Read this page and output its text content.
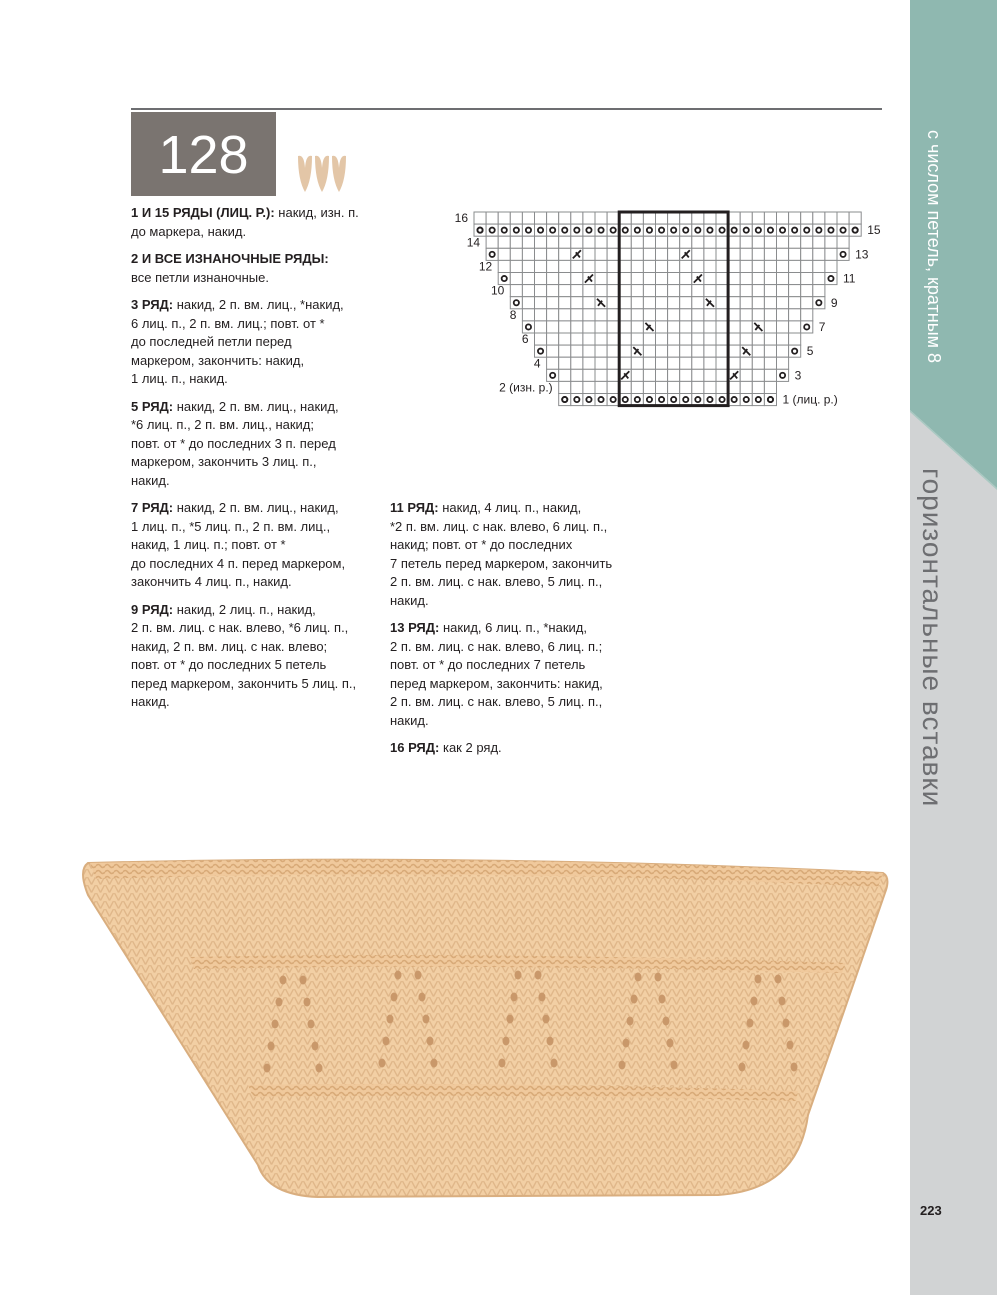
с числом петель, кратным 8
горизонтальные вставки
128

1 И 15 РЯДЫ (ЛИЦ. Р.): накид, изн. п.
до маркера, накид.

2 И ВСЕ ИЗНАНОЧНЫЕ РЯДЫ:
все петли изнаночные.

3 РЯД: накид, 2 п. вм. лиц., *накид,
6 лиц. п., 2 п. вм. лиц.; повт. от *
до последней петли перед
маркером, закончить: накид,
1 лиц. п., накид.

5 РЯД: накид, 2 п. вм. лиц., накид,
*6 лиц. п., 2 п. вм. лиц., накид;
повт. от * до последних 3 п. перед
маркером, закончить 3 лиц. п.,
накид.

7 РЯД: накид, 2 п. вм. лиц., накид,
1 лиц. п., *5 лиц. п., 2 п. вм. лиц.,
накид, 1 лиц. п.; повт. от *
до последних 4 п. перед маркером,
закончить 4 лиц. п., накид.

9 РЯД: накид, 2 лиц. п., накид,
2 п. вм. лиц. с нак. влево, *6 лиц. п.,
накид, 2 п. вм. лиц. с нак. влево;
повт. от * до последних 5 петель
перед маркером, закончить 5 лиц. п.,
накид.

11 РЯД: накид, 4 лиц. п., накид,
*2 п. вм. лиц. с нак. влево, 6 лиц. п.,
накид; повт. от * до последних
7 петель перед маркером, закончить
2 п. вм. лиц. с нак. влево, 5 лиц. п.,
накид.

13 РЯД: накид, 6 лиц. п., *накид,
2 п. вм. лиц. с нак. влево, 6 лиц. п.;
повт. от * до последних 7 петель
перед маркером, закончить: накид,
2 п. вм. лиц. с нак. влево, 5 лиц. п.,
накид.

16 РЯД: как 2 ряд.

16
14
12
10
8
6
4
2 (изн. р.)
15
13
11
9
7
5
3
1 (лиц. р.)
223
